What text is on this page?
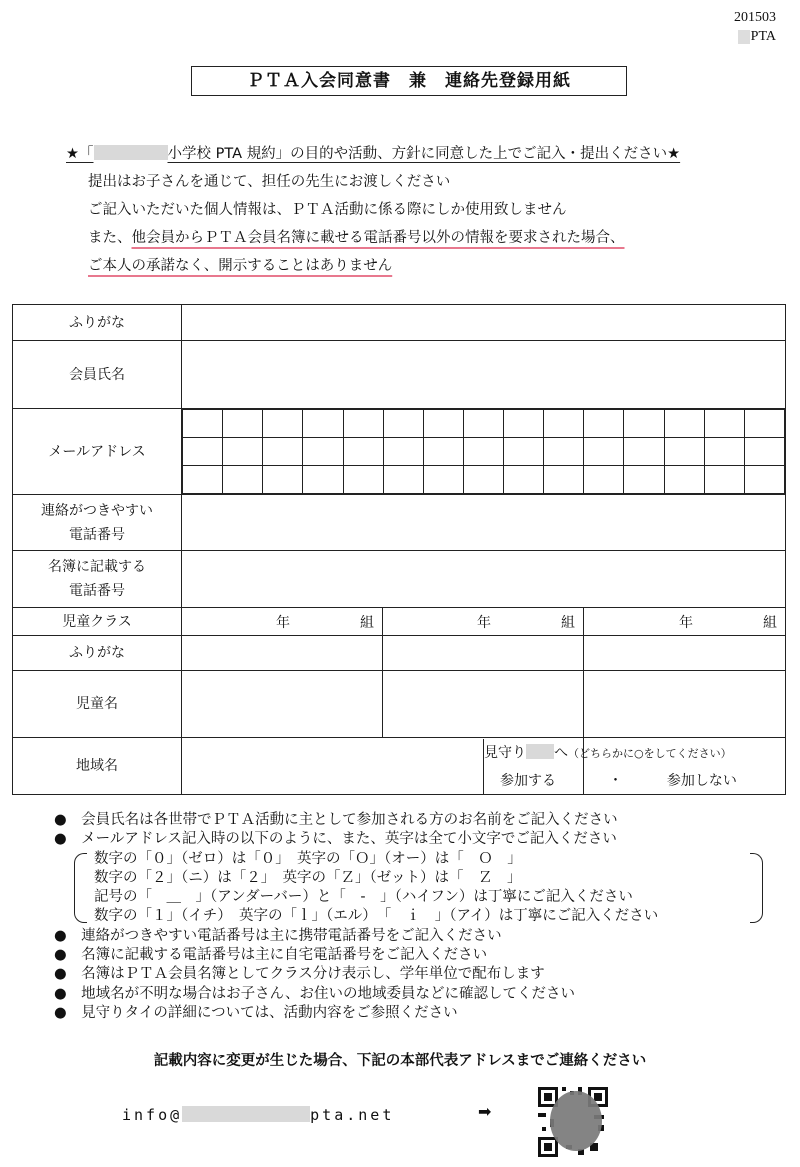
201503
PTA
ＰＴＡ入会同意書　兼　連絡先登録用紙
★「	小学校 PTA 規約」の目的や活動、方針に同意した上でご記入・提出ください★
提出はお子さんを通じて、担任の先生にお渡しください
ご記入いただいた個人情報は、ＰＴＡ活動に係る際にしか使用致しません
また、他会員からＰＴＡ会員名簿に載せる電話番号以外の情報を要求された場合、
ご本人の承諾なく、開示することはありません
ふりがな	
会員氏名	
メールアドレス	

連絡がつきやすい
電話番号

名簿に記載する
電話番号

児童クラス	年	組	年	組	年	組
ふりがな			
児童名			
地域名		
見守り へ（どちらかに○をしてください）
参加する	・	参加しない
●　 会員氏名は各世帯でＰＴＡ活動に主として参加される方のお名前をご記入ください
●　 メールアドレス記入時の以下のように、また、英字は全て小文字でご記入ください
数字の「０」（ゼロ）は「０」　英字の「Ｏ」（オー）は「　Ｏ　」
数字の「２」（ニ）は「２」　英字の「Ｚ」（ゼット）は「　Ｚ　」
記号の「　＿　」（アンダーバー）と「　‐　」（ハイフン）は丁寧にご記入ください
数字の「１」（イチ）　英字の「ｌ」（エル）　「　ｉ　」（アイ）は丁寧にご記入ください
●　 連絡がつきやすい電話番号は主に携帯電話番号をご記入ください
●　 名簿に記載する電話番号は主に自宅電話番号をご記入ください
●　 名簿はＰＴＡ会員名簿としてクラス分け表示し、学年単位で配布します
●　 地域名が不明な場合はお子さん、お住いの地域委員などに確認してください
●　 見守りタイの詳細については、活動内容をご参照ください
記載内容に変更が生じた場合、下記の本部代表アドレスまでご連絡ください
info@	pta.net	➡
